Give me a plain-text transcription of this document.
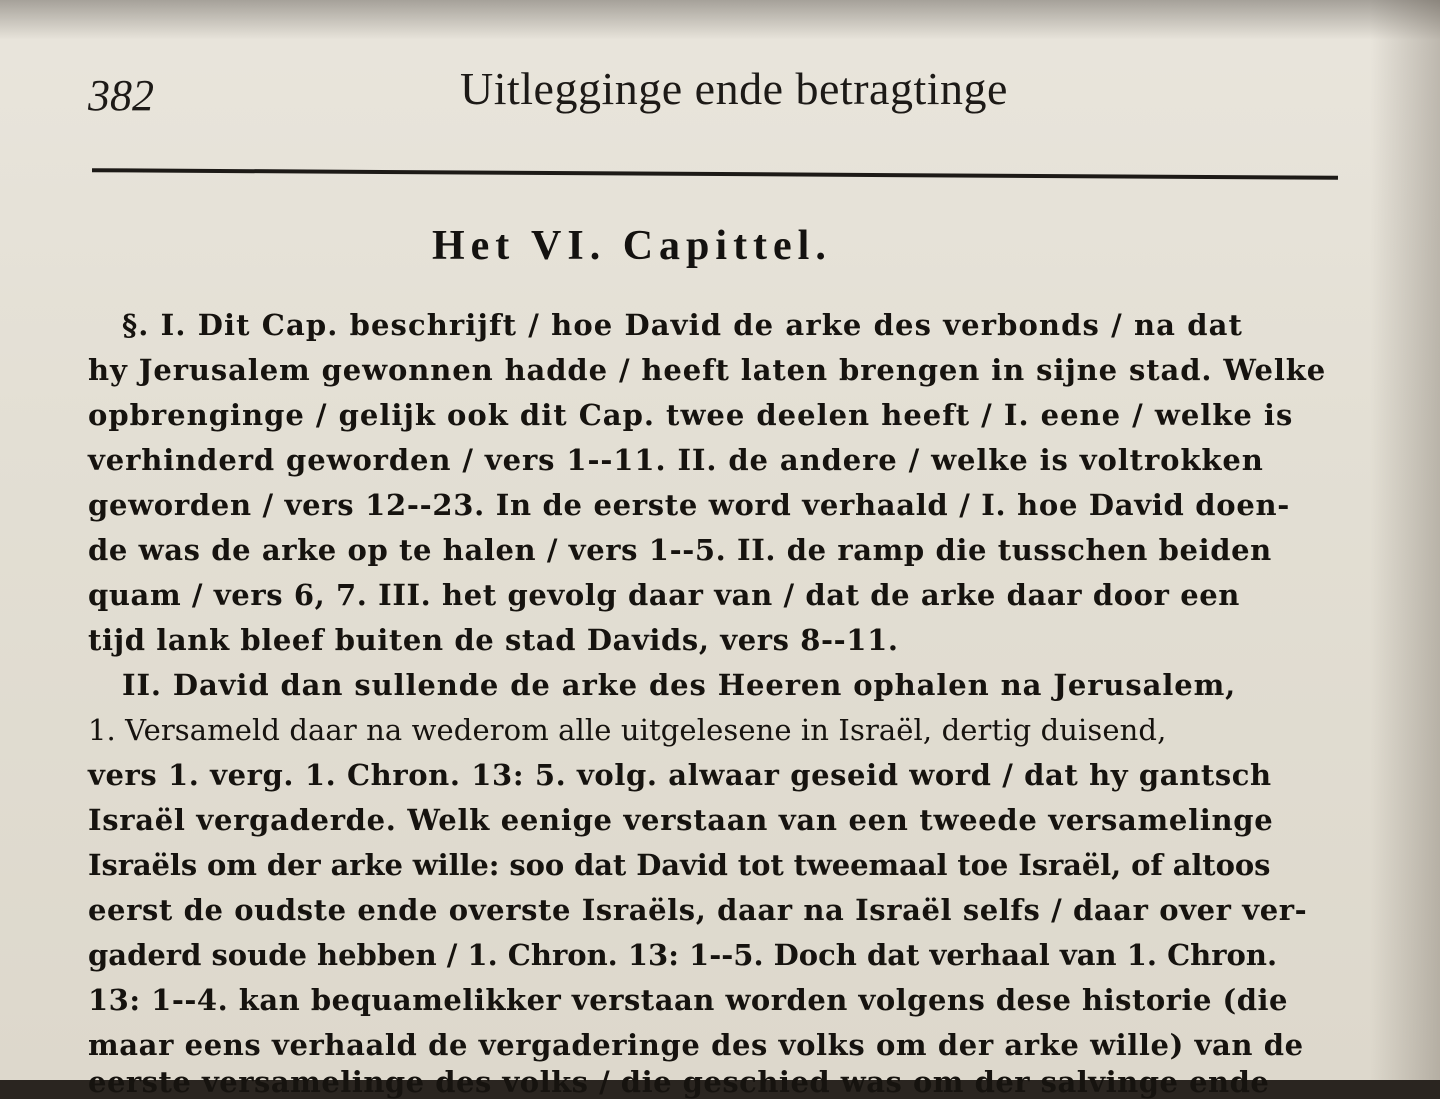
382	Uitlegginge ende betragtinge
Het VI. Capittel.
§. I. Dit Cap. beschrijft / hoe David de arke des verbonds / na dat
hy Jerusalem gewonnen hadde / heeft laten brengen in sijne stad. Welke
opbrenginge / gelijk ook dit Cap. twee deelen heeft / I. eene / welke is
verhinderd geworden / vers 1--11. II. de andere / welke is voltrokken
geworden / vers 12--23. In de eerste word verhaald / I. hoe David doen-
de was de arke op te halen / vers 1--5. II. de ramp die tusschen beiden
quam / vers 6, 7. III. het gevolg daar van / dat de arke daar door een
tijd lank bleef buiten de stad Davids, vers 8--11.
II. David dan sullende de arke des Heeren ophalen na Jerusalem,
1. Versameld daar na wederom alle uitgelesene in Israël, dertig duisend,
vers 1. verg. 1. Chron. 13: 5. volg. alwaar geseid word / dat hy gantsch
Israël vergaderde. Welk eenige verstaan van een tweede versamelinge
Israëls om der arke wille: soo dat David tot tweemaal toe Israël, of altoos
eerst de oudste ende overste Israëls, daar na Israël selfs / daar over ver-
gaderd soude hebben / 1. Chron. 13: 1--5. Doch dat verhaal van 1. Chron.
13: 1--4. kan bequamelikker verstaan worden volgens dese historie (die
maar eens verhaald de vergaderinge des volks om der arke wille) van de
eerste versamelinge des volks / die geschied was om der salvinge ende
